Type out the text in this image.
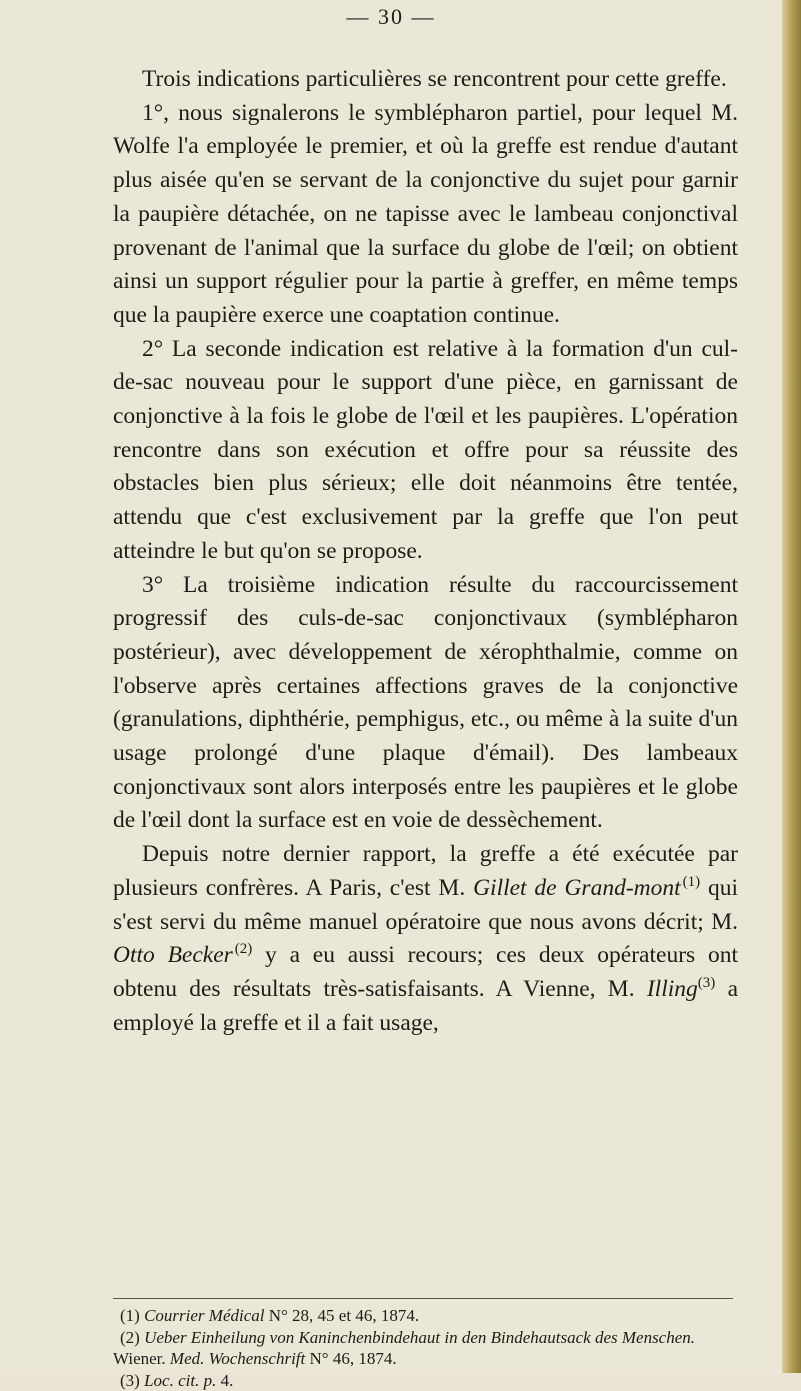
— 30 —

Trois indications particulières se rencontrent pour cette greffe.

1°, nous signalerons le symblépharon partiel, pour lequel M. Wolfe l'a employée le premier, et où la greffe est rendue d'autant plus aisée qu'en se servant de la conjonctive du sujet pour garnir la paupière détachée, on ne tapisse avec le lambeau conjonctival provenant de l'animal que la surface du globe de l'œil; on obtient ainsi un support régulier pour la partie à greffer, en même temps que la paupière exerce une coaptation continue.

2° La seconde indication est relative à la formation d'un cul-de-sac nouveau pour le support d'une pièce, en garnissant de conjonctive à la fois le globe de l'œil et les paupières. L'opération rencontre dans son exécution et offre pour sa réussite des obstacles bien plus sérieux; elle doit néanmoins être tentée, attendu que c'est exclusivement par la greffe que l'on peut atteindre le but qu'on se propose.

3° La troisième indication résulte du raccourcissement progressif des culs-de-sac conjonctivaux (symblépharon postérieur), avec développement de xérophthalmie, comme on l'observe après certaines affections graves de la conjonctive (granulations, diphthérie, pemphigus, etc., ou même à la suite d'un usage prolongé d'une plaque d'émail). Des lambeaux conjonctivaux sont alors interposés entre les paupières et le globe de l'œil dont la surface est en voie de dessèchement.

Depuis notre dernier rapport, la greffe a été exécutée par plusieurs confrères. A Paris, c'est M. Gillet de Grand-mont  $^{(1)}$ qui s'est servi du même manuel opératoire que nous avons décrit; M. Otto Becker  $^{(2)}$ y a eu aussi recours; ces deux opérateurs ont obtenu des résultats très-satisfaisants. A Vienne, M. Illing$^{(3)}$ a employé la greffe et il a fait usage,

(1) Courrier Médical N° 28, 45 et 46, 1874.

(2) Ueber Einheilung von Kaninchenbindehaut in den Bindehautsack des Menschen. Wiener. Med. Wochenschrift N° 46, 1874.

(3) Loc. cit. p. 4.
